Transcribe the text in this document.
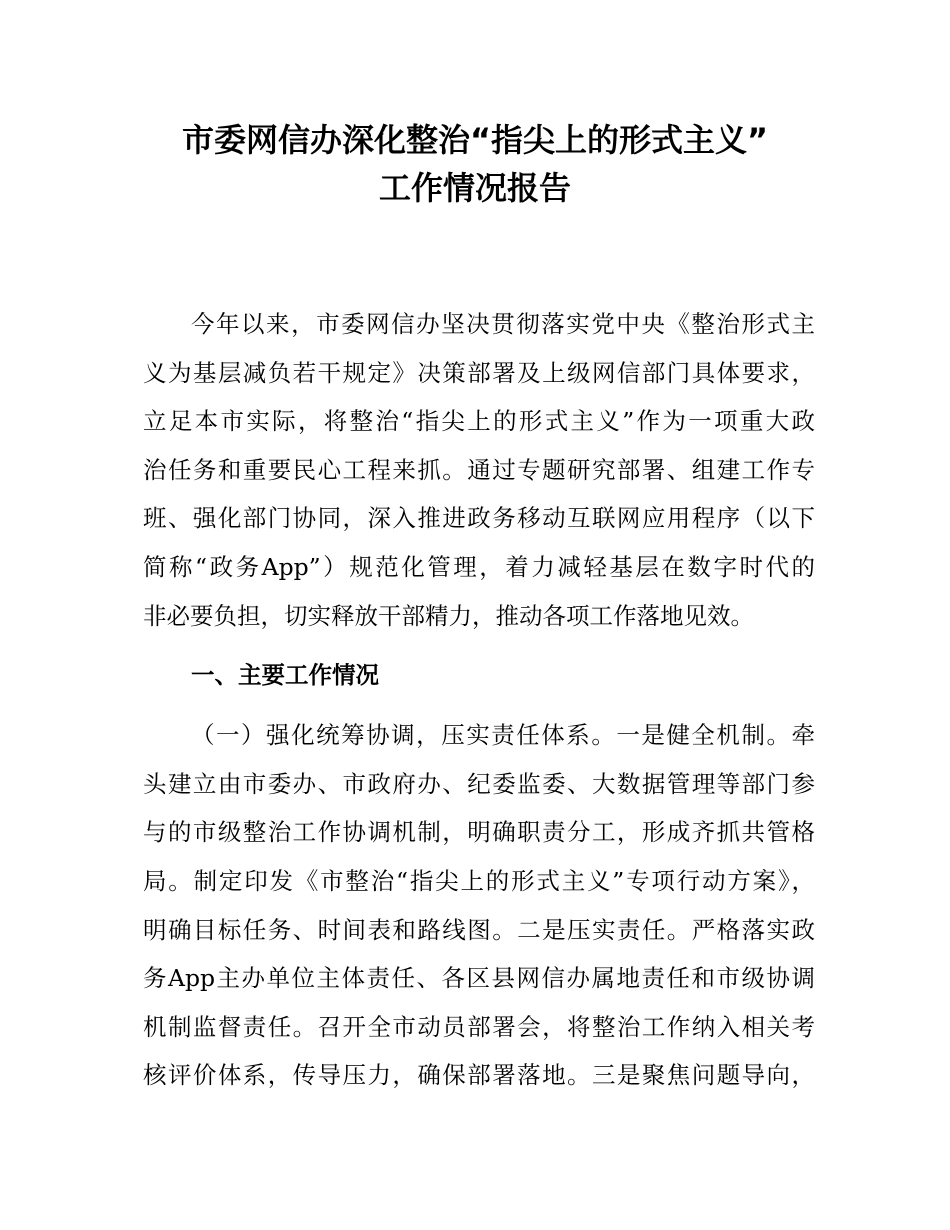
市委网信办深化整治“指尖上的形式主义”
工作情况报告
今年以来，市委网信办坚决贯彻落实党中央《整治形式主
义为基层减负若干规定》决策部署及上级网信部门具体要求，
立足本市实际，将整治“指尖上的形式主义”作为一项重大政
治任务和重要民心工程来抓。通过专题研究部署、组建工作专
班、强化部门协同，深入推进政务移动互联网应用程序（以下
简称“政务App”）规范化管理，着力减轻基层在数字时代的
非必要负担，切实释放干部精力，推动各项工作落地见效。
一、主要工作情况
（一）强化统筹协调，压实责任体系。一是健全机制。牵
头建立由市委办、市政府办、纪委监委、大数据管理等部门参
与的市级整治工作协调机制，明确职责分工，形成齐抓共管格
局。制定印发《市整治“指尖上的形式主义”专项行动方案》，
明确目标任务、时间表和路线图。二是压实责任。严格落实政
务App主办单位主体责任、各区县网信办属地责任和市级协调
机制监督责任。召开全市动员部署会，将整治工作纳入相关考
核评价体系，传导压力，确保部署落地。三是聚焦问题导向，
